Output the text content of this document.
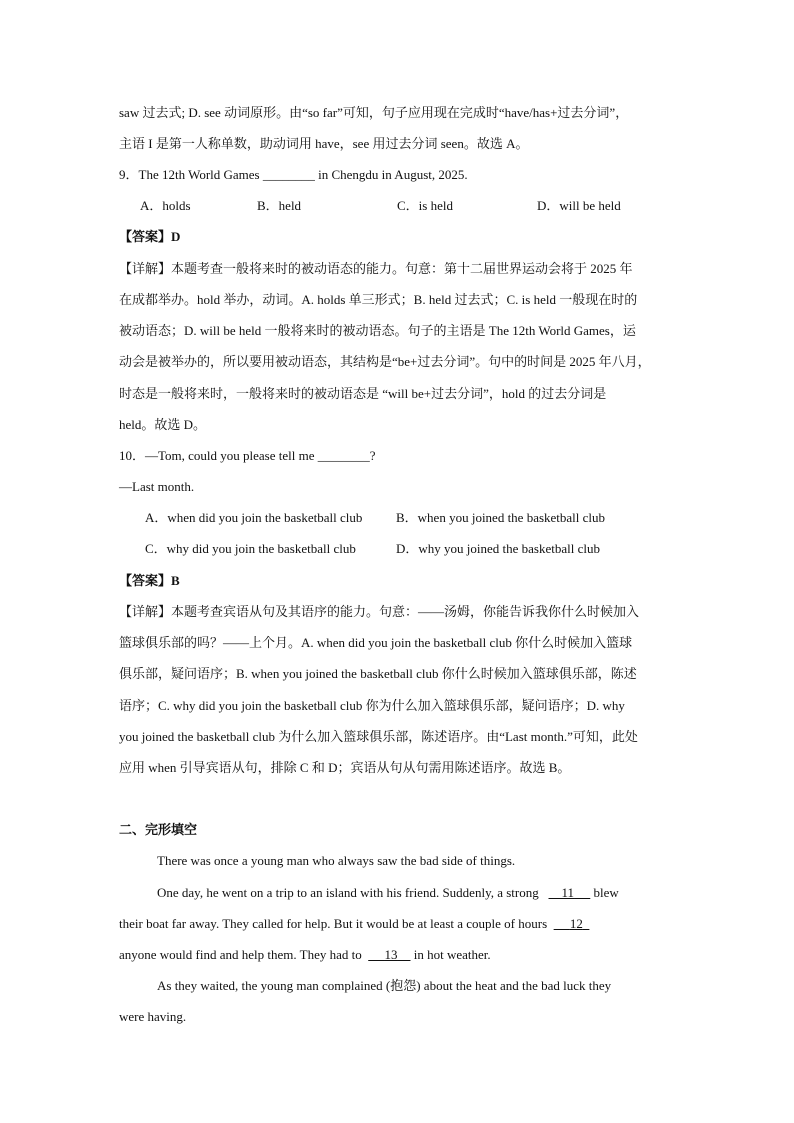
saw 过去式; D. see 动词原形。由“so far”可知，句子应用现在完成时“have/has+过去分词”，
主语 I 是第一人称单数，助动词用 have，see 用过去分词 seen。故选 A。
9．The 12th World Games ________ in Chengdu in August, 2025.
A．holds	B．held	C．is held	D．will be held
【答案】D
【详解】本题考查一般将来时的被动语态的能力。句意：第十二届世界运动会将于 2025 年
在成都举办。hold 举办，动词。A. holds 单三形式；B. held 过去式；C. is held 一般现在时的
被动语态；D. will be held 一般将来时的被动语态。句子的主语是 The 12th World Games，运
动会是被举办的，所以要用被动语态，其结构是“be+过去分词”。句中的时间是 2025 年八月，
时态是一般将来时，一般将来时的被动语态是 “will be+过去分词”，hold 的过去分词是
held。故选 D。
10．—Tom, could you please tell me ________?
—Last month.
A．when did you join the basketball club	B．when you joined the basketball club
C．why did you join the basketball club	D．why you joined the basketball club
【答案】B
【详解】本题考查宾语从句及其语序的能力。句意：——汤姆，你能告诉我你什么时候加入
篮球俱乐部的吗？——上个月。A. when did you join the basketball club 你什么时候加入篮球
俱乐部，疑问语序；B. when you joined the basketball club 你什么时候加入篮球俱乐部，陈述
语序；C. why did you join the basketball club 你为什么加入篮球俱乐部，疑问语序；D. why
you joined the basketball club 为什么加入篮球俱乐部，陈述语序。由“Last month.”可知，此处
应用 when 引导宾语从句，排除 C 和 D；宾语从句从句需用陈述语序。故选 B。
二、完形填空
There was once a young man who always saw the bad side of things.
One day, he went on a trip to an island with his friend. Suddenly, a strong       11      blew
their boat far away. They called for help. But it would be at least a couple of hours       12
anyone would find and help them. They had to       13     in hot weather.
As they waited, the young man complained (抱怨) about the heat and the bad luck they
were having.
